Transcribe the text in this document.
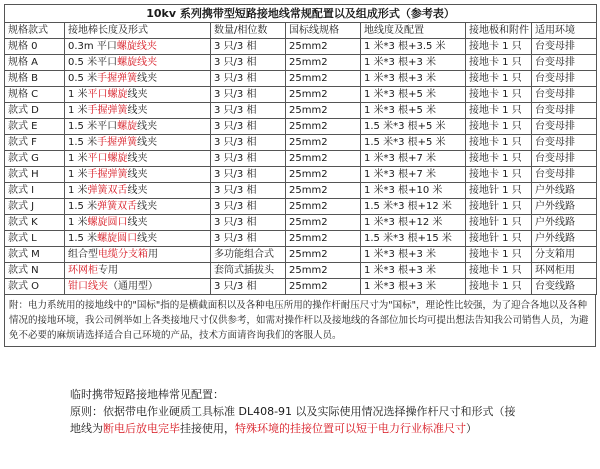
10kv 系列携带型短路接地线常规配置以及组成形式（参考表）						
规格款式	接地棒长度及形式	数量/相位数	国标线规格	地线度及配置	接地极和附件	适用环境
规格 0	0.3m 平口螺旋线夹	3 只/3 相	25mm2	1 米*3 根+3.5 米	接地卡 1 只	台变母排
规格 A	0.5 米平口螺旋线夹	3 只/3 相	25mm2	1 米*3 根+3 米	接地卡 1 只	台变母排
规格 B	0.5 米手握弹簧线夹	3 只/3 相	25mm2	1 米*3 根+3 米	接地卡 1 只	台变母排
规格 C	1 米平口螺旋线夹	3 只/3 相	25mm2	1 米*3 根+5 米	接地卡 1 只	台变母排
款式 D	1 米手握弹簧线夹	3 只/3 相	25mm2	1 米*3 根+5 米	接地卡 1 只	台变母排
款式 E	1.5 米平口螺旋线夹	3 只/3 相	25mm2	1.5 米*3 根+5 米	接地卡 1 只	台变母排
款式 F	1.5 米手握弹簧线夹	3 只/3 相	25mm2	1.5 米*3 根+5 米	接地卡 1 只	台变母排
款式 G	1 米平口螺旋线夹	3 只/3 相	25mm2	1 米*3 根+7 米	接地卡 1 只	台变母排
款式 H	1 米手握弹簧线夹	3 只/3 相	25mm2	1 米*3 根+7 米	接地卡 1 只	台变母排
款式 I	1 米弹簧双舌线夹	3 只/3 相	25mm2	1 米*3 根+10 米	接地针 1 只	户外线路
款式 J	1.5 米弹簧双舌线夹	3 只/3 相	25mm2	1.5 米*3 根+12 米	接地针 1 只	户外线路
款式 K	1 米螺旋圆口线夹	3 只/3 相	25mm2	1 米*3 根+12 米	接地针 1 只	户外线路
款式 L	1.5 米螺旋圆口线夹	3 只/3 相	25mm2	1.5 米*3 根+15 米	接地针 1 只	户外线路
款式 M	组合型电缆分支箱用	多功能组合式	25mm2	1 米*3 根+3 米	接地卡 1 只	分支箱用
款式 N	环网柜专用	套筒式插拔头	25mm2	1 米*3 根+3 米	接地卡 1 只	环网柜用
款式 O	钳口线夹（通用型）	3 只/3 相	25mm2	1 米*3 根+3 米	接地卡 1 只	台变线路
附：电力系统用的接地线中的"国标"指的是横截面积以及各种电压所用的操作杆耐压尺寸为"国标"，理论性比较强，为了迎合各地以及各种情况的接地环境，我公司例举如上各类接地尺寸仅供参考，如需对操作杆以及接地线的各部位加长均可提出想法告知我公司销售人员，为避免不必要的麻烦请选择适合自己环境的产品，技术方面请咨询我们的客服人员。

临时携带短路接地棒常见配置：

原则：依据带电作业硬质工具标准 DL408-91 以及实际使用情况选择操作杆尺寸和形式（接

地线为断电后放电完毕挂接使用，特殊环境的挂接位置可以短于电力行业标准尺寸）
